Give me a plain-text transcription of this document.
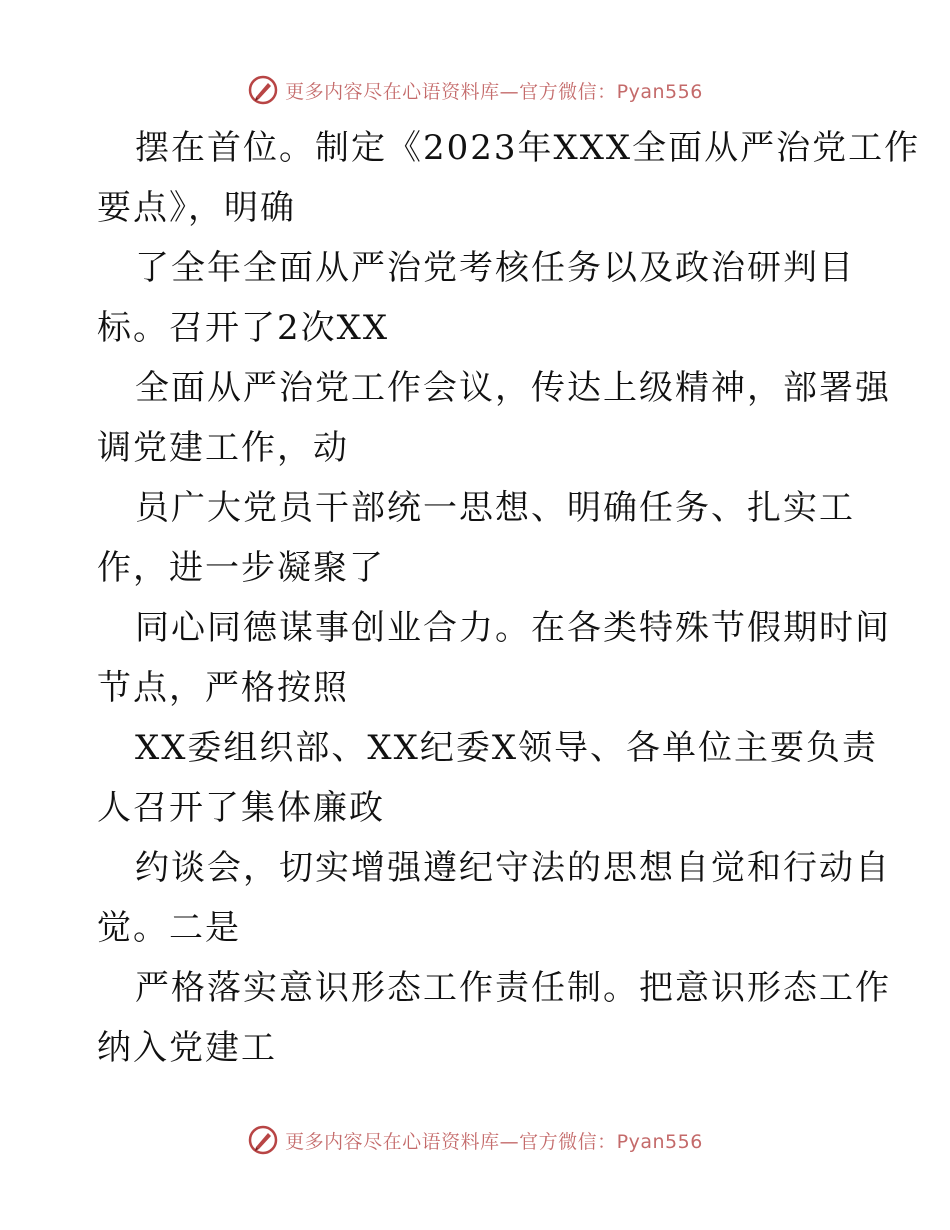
更多内容尽在心语资料库—官方微信：Pyan556
摆在首位。制定《2023年XXX全面从严治党工作
要点》，明确
了全年全面从严治党考核任务以及政治研判目
标。召开了2次XX
全面从严治党工作会议，传达上级精神，部署强
调党建工作，动
员广大党员干部统一思想、明确任务、扎实工
作，进一步凝聚了
同心同德谋事创业合力。在各类特殊节假期时间
节点，严格按照
XX委组织部、XX纪委X领导、各单位主要负责
人召开了集体廉政
约谈会，切实增强遵纪守法的思想自觉和行动自
觉。二是
严格落实意识形态工作责任制。把意识形态工作
纳入党建工
更多内容尽在心语资料库—官方微信：Pyan556
